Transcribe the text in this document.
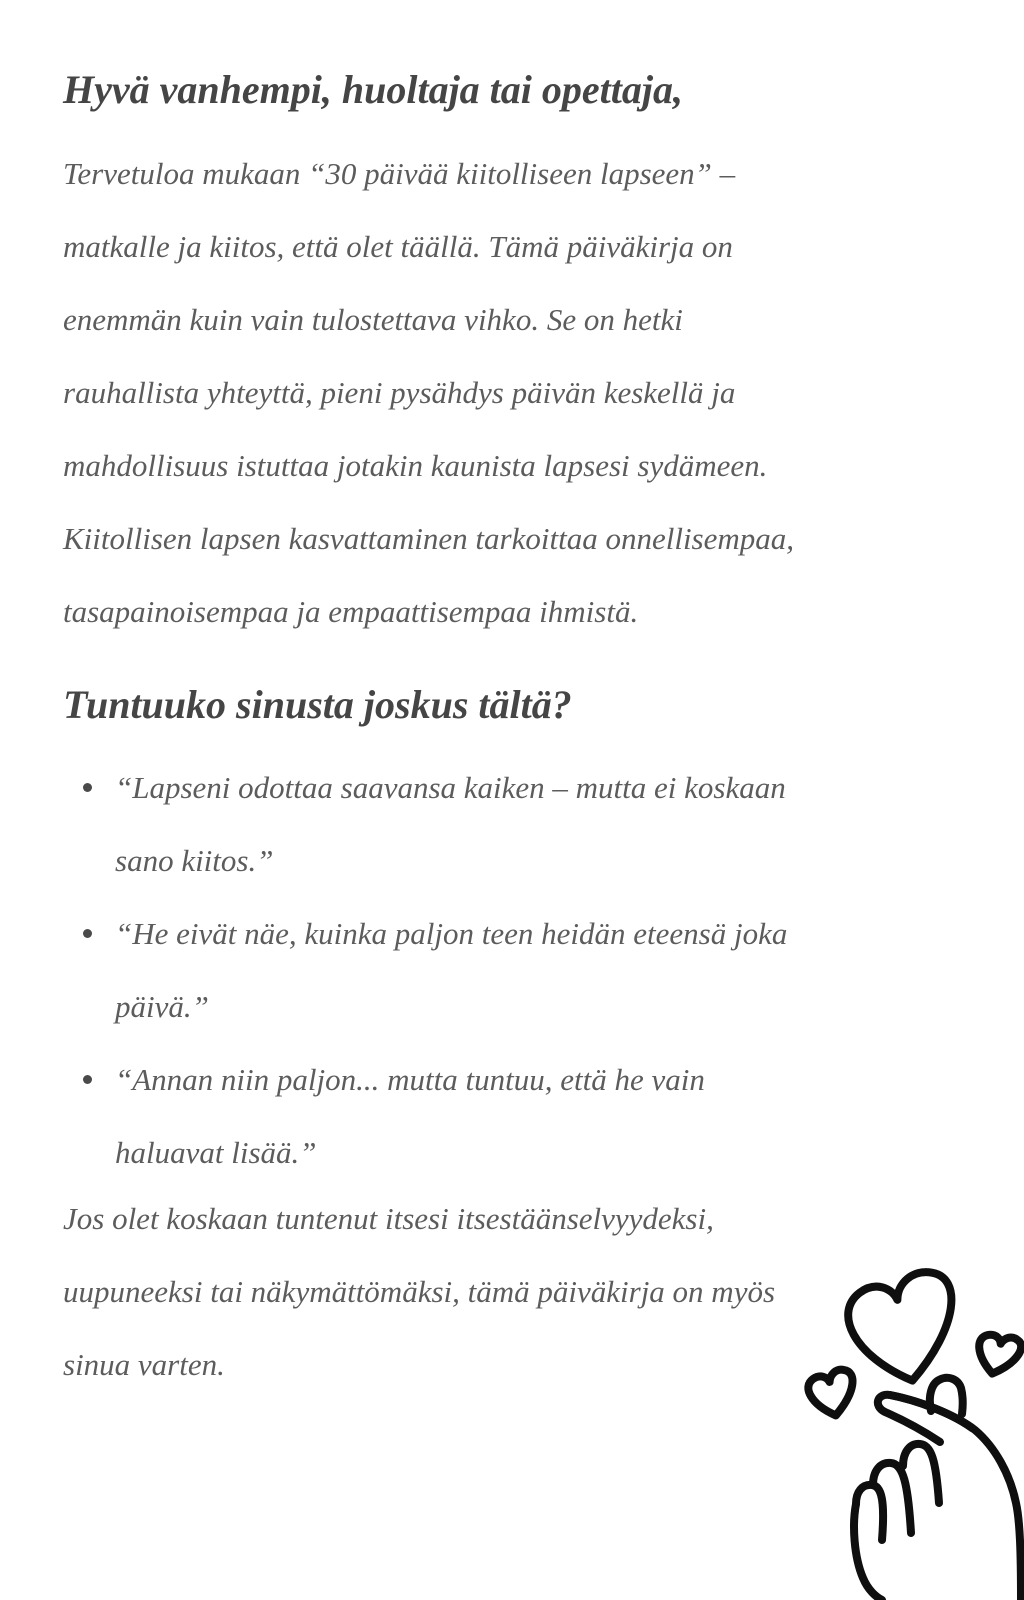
Hyvä vanhempi, huoltaja tai opettaja,
Tervetuloa mukaan “30 päivää kiitolliseen lapseen” –
matkalle ja kiitos, että olet täällä. Tämä päiväkirja on
enemmän kuin vain tulostettava vihko. Se on hetki
rauhallista yhteyttä, pieni pysähdys päivän keskellä ja
mahdollisuus istuttaa jotakin kaunista lapsesi sydämeen.
Kiitollisen lapsen kasvattaminen tarkoittaa onnellisempaa,
tasapainoisempaa ja empaattisempaa ihmistä.
Tuntuuko sinusta joskus tältä?
“Lapseni odottaa saavansa kaiken – mutta ei koskaan
sano kiitos.”
“He eivät näe, kuinka paljon teen heidän eteensä joka
päivä.”
“Annan niin paljon... mutta tuntuu, että he vain
haluavat lisää.”
Jos olet koskaan tuntenut itsesi itsestäänselvyydeksi,
uupuneeksi tai näkymättömäksi, tämä päiväkirja on myös
sinua varten.
